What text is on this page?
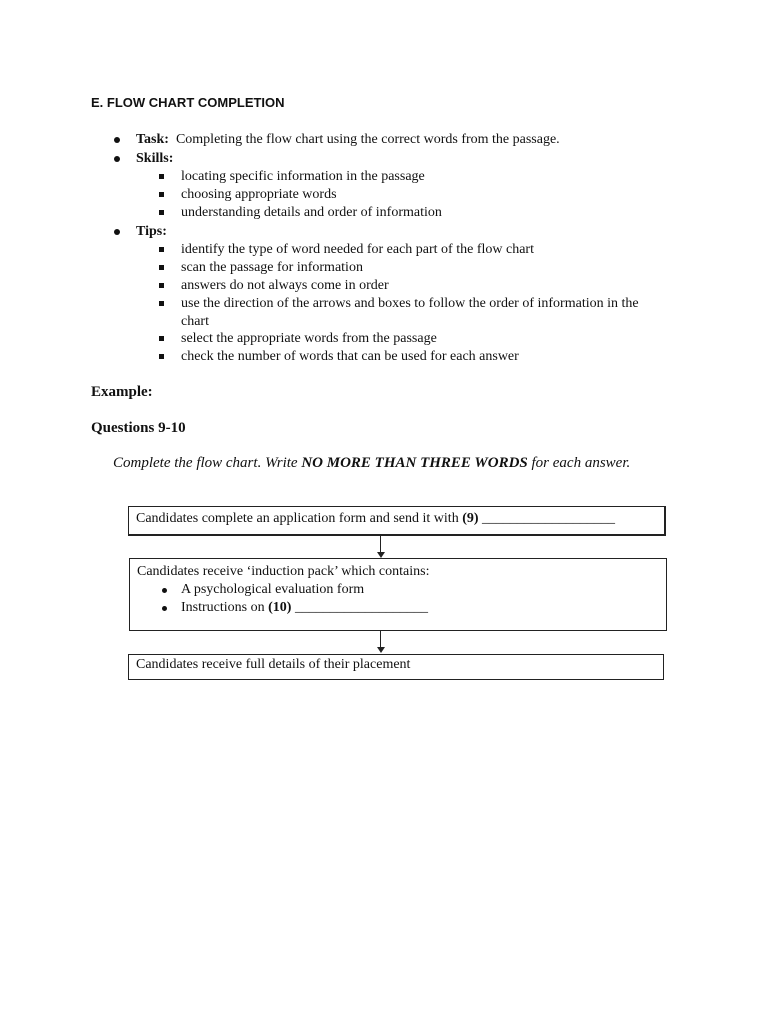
E. FLOW CHART COMPLETION
Task: Completing the flow chart using the correct words from the passage.
Skills:
locating specific information in the passage
choosing appropriate words
understanding details and order of information
Tips:
identify the type of word needed for each part of the flow chart
scan the passage for information
answers do not always come in order
use the direction of the arrows and boxes to follow the order of information in the
chart
select the appropriate words from the passage
check the number of words that can be used for each answer
Example:
Questions 9-10
Complete the flow chart. Write NO MORE THAN THREE WORDS for each answer.
Candidates complete an application form and send it with (9) ___________________
Candidates receive ‘induction pack’ which contains:
A psychological evaluation form
Instructions on (10) ___________________
Candidates receive full details of their placement
